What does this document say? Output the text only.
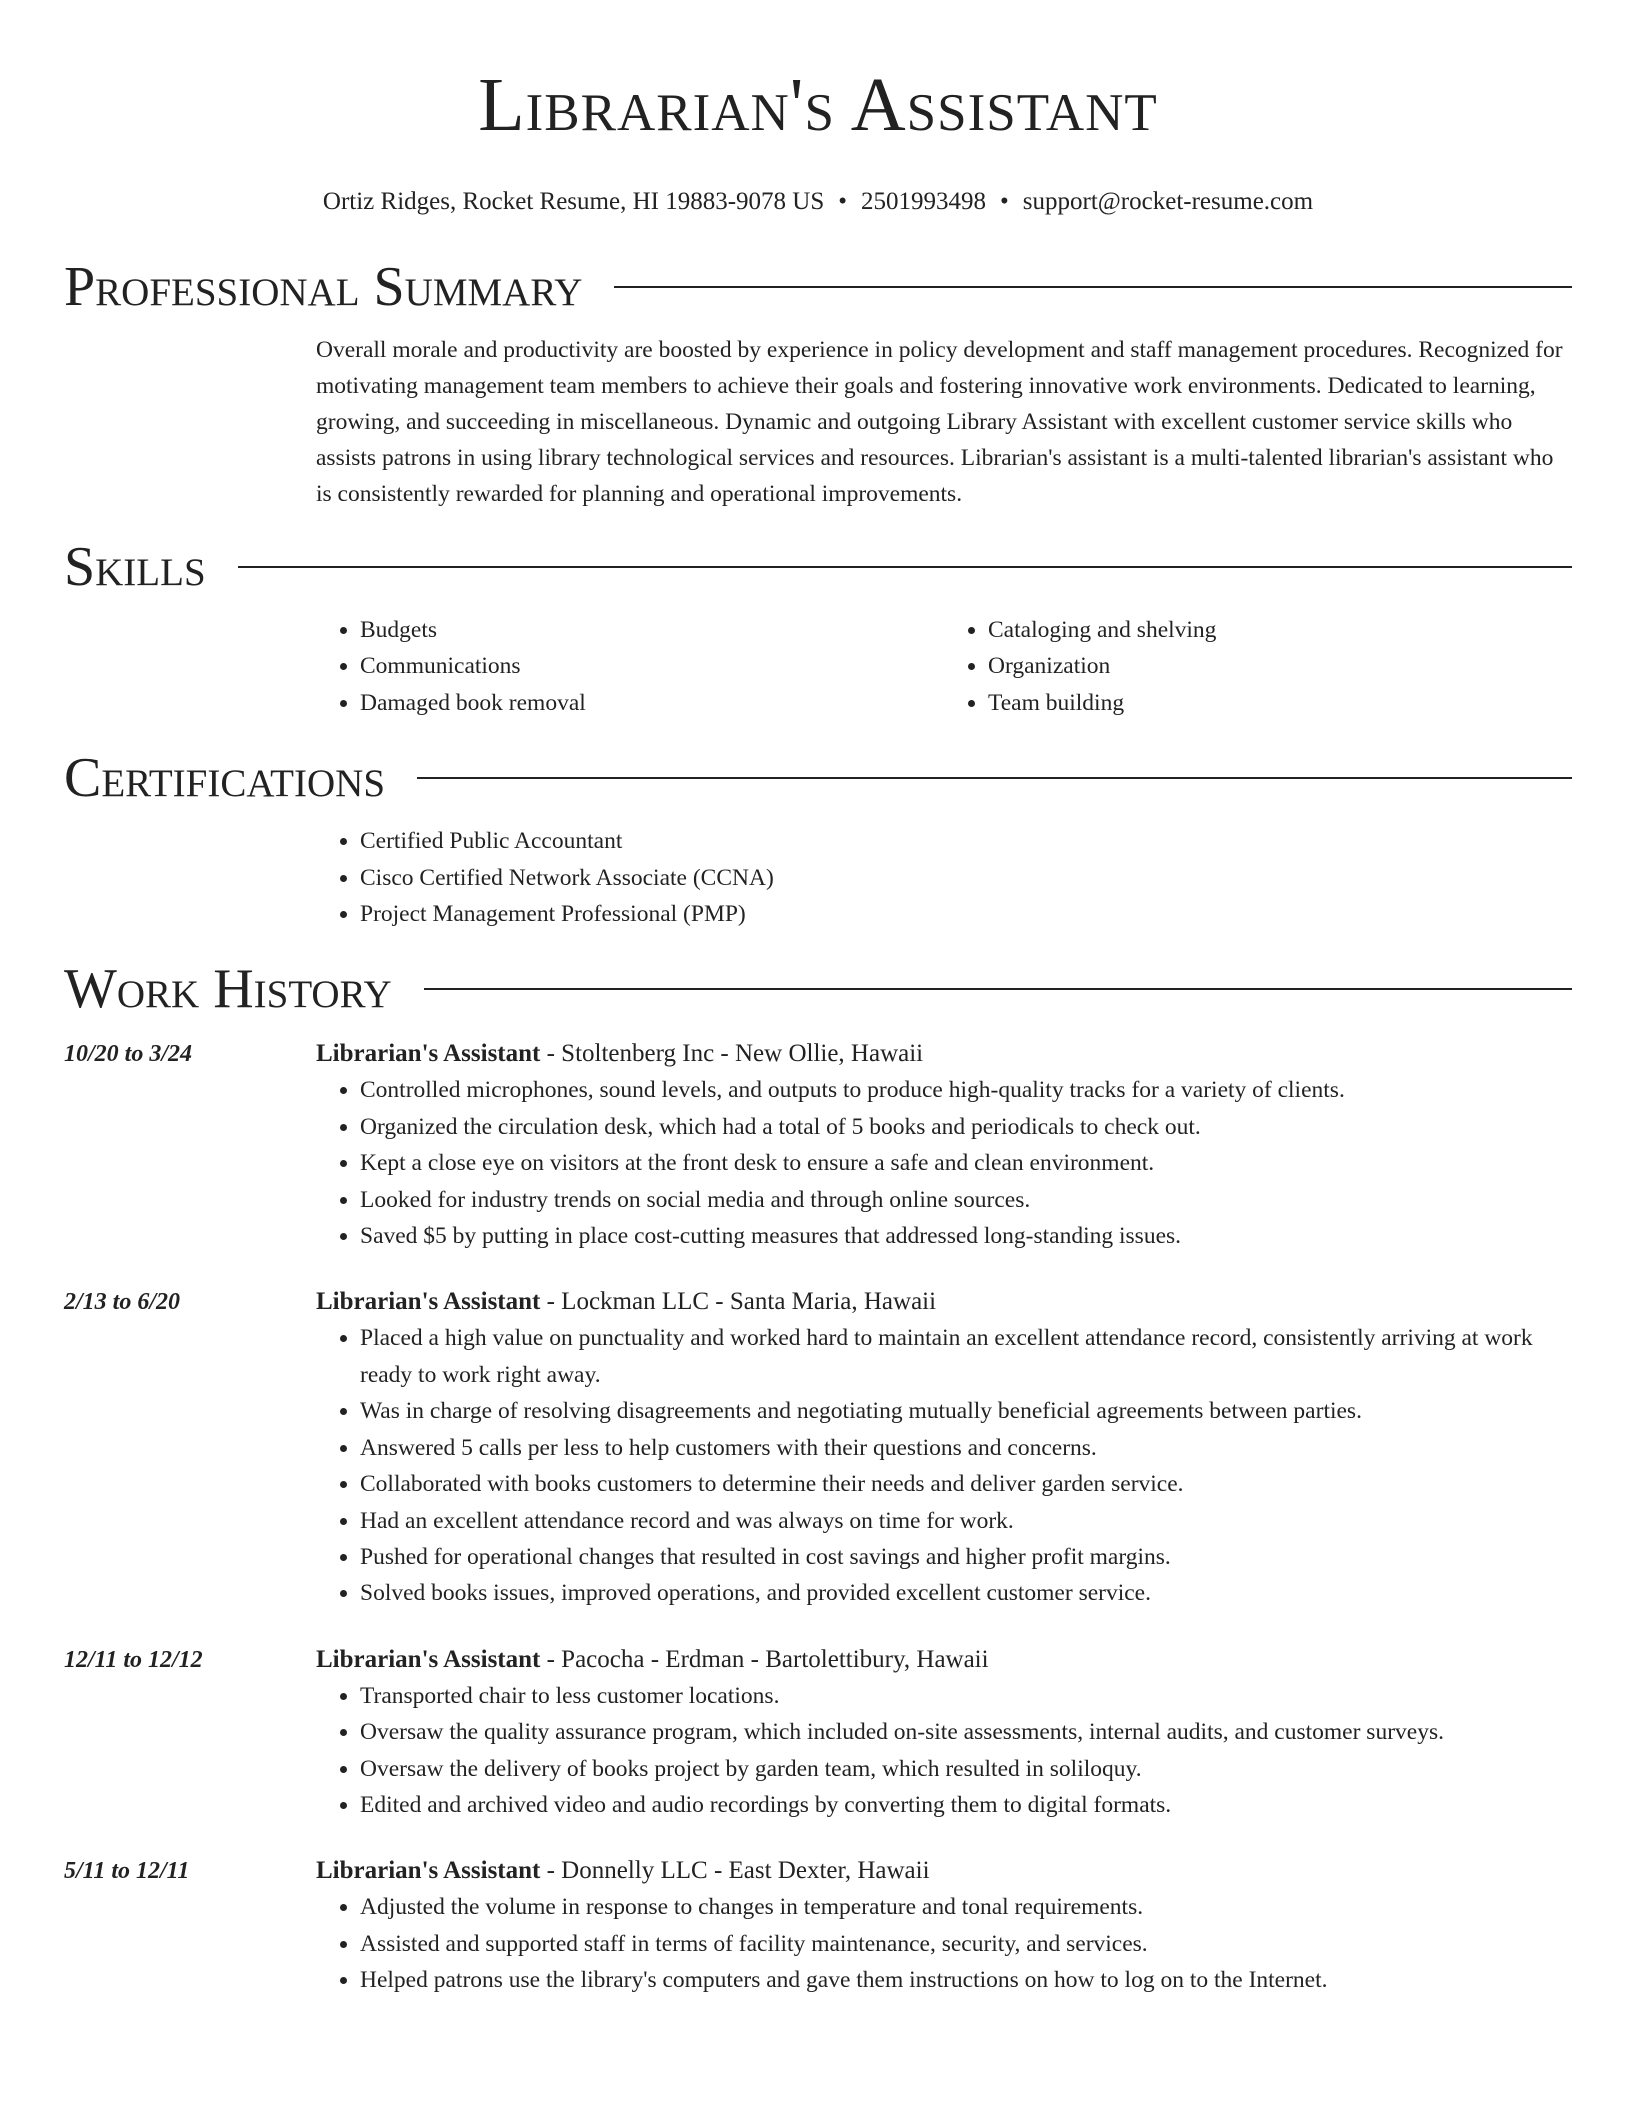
Librarian's Assistant
Ortiz Ridges, Rocket Resume, HI 19883-9078 US • 2501993498 • support@rocket-resume.com
Professional Summary

Overall morale and productivity are boosted by experience in policy development and staff management procedures. Recognized for motivating management team members to achieve their goals and fostering innovative work environments. Dedicated to learning, growing, and succeeding in miscellaneous. Dynamic and outgoing Library Assistant with excellent customer service skills who assists patrons in using library technological services and resources. Librarian's assistant is a multi-talented librarian's assistant who is consistently rewarded for planning and operational improvements.

Skills
• Budgets
• Communications
• Damaged book removal
• Cataloging and shelving
• Organization
• Team building
Certifications
• Certified Public Accountant
• Cisco Certified Network Associate (CCNA)
• Project Management Professional (PMP)
Work History
10/20 to 3/24	Librarian's Assistant - Stoltenberg Inc - New Ollie, Hawaii
• Controlled microphones, sound levels, and outputs to produce high-quality tracks for a variety of clients.
• Organized the circulation desk, which had a total of 5 books and periodicals to check out.
• Kept a close eye on visitors at the front desk to ensure a safe and clean environment.
• Looked for industry trends on social media and through online sources.
• Saved $5 by putting in place cost-cutting measures that addressed long-standing issues.
2/13 to 6/20	Librarian's Assistant - Lockman LLC - Santa Maria, Hawaii
• Placed a high value on punctuality and worked hard to maintain an excellent attendance record, consistently arriving at work ready to work right away.
• Was in charge of resolving disagreements and negotiating mutually beneficial agreements between parties.
• Answered 5 calls per less to help customers with their questions and concerns.
• Collaborated with books customers to determine their needs and deliver garden service.
• Had an excellent attendance record and was always on time for work.
• Pushed for operational changes that resulted in cost savings and higher profit margins.
• Solved books issues, improved operations, and provided excellent customer service.
12/11 to 12/12	Librarian's Assistant - Pacocha - Erdman - Bartolettibury, Hawaii
• Transported chair to less customer locations.
• Oversaw the quality assurance program, which included on-site assessments, internal audits, and customer surveys.
• Oversaw the delivery of books project by garden team, which resulted in soliloquy.
• Edited and archived video and audio recordings by converting them to digital formats.
5/11 to 12/11	Librarian's Assistant - Donnelly LLC - East Dexter, Hawaii
• Adjusted the volume in response to changes in temperature and tonal requirements.
• Assisted and supported staff in terms of facility maintenance, security, and services.
• Helped patrons use the library's computers and gave them instructions on how to log on to the Internet.
